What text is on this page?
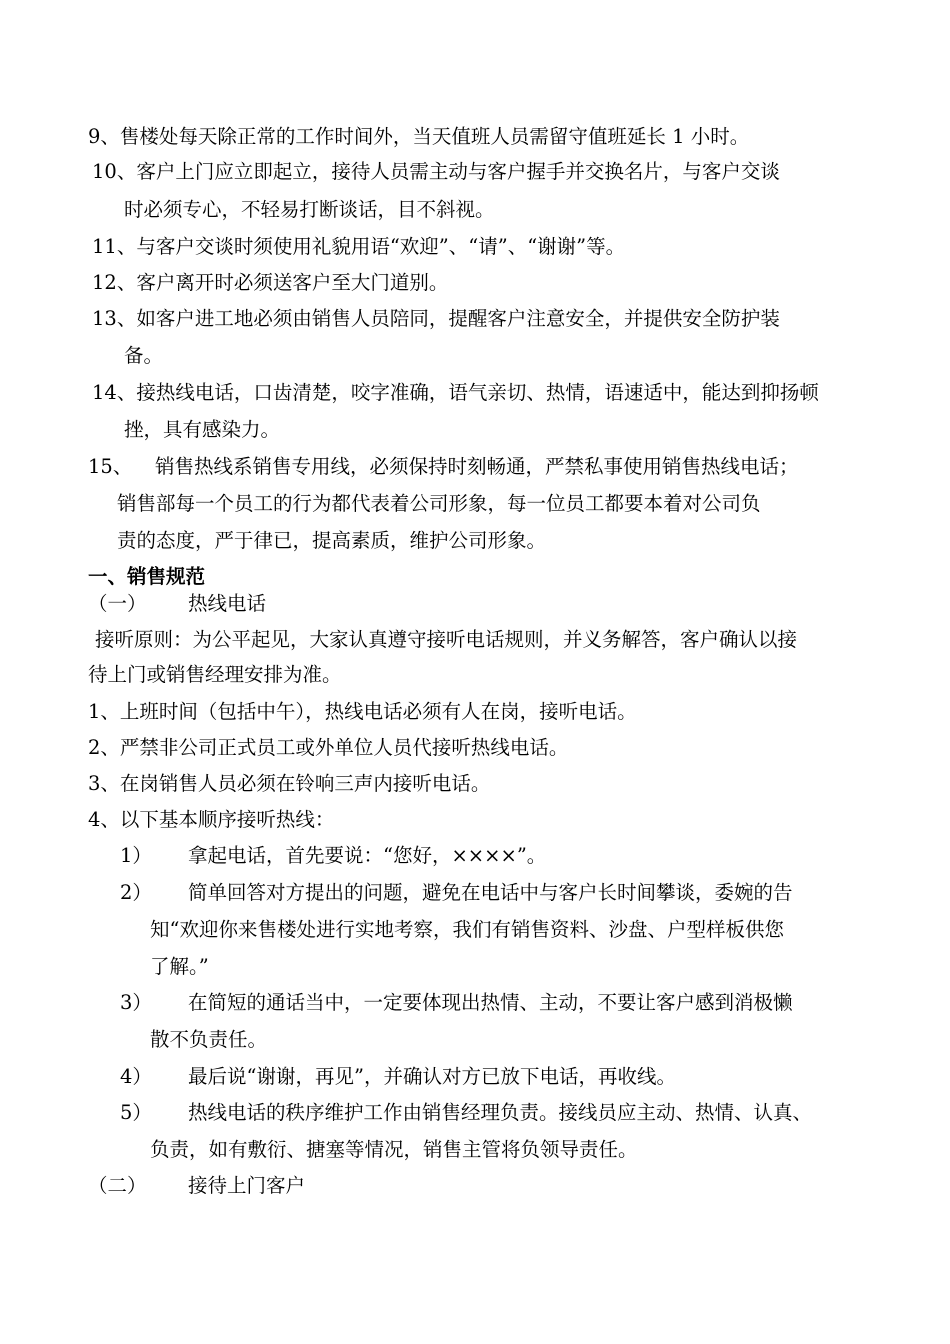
9、售楼处每天除正常的工作时间外，当天值班人员需留守值班延长 1 小时。
10、客户上门应立即起立，接待人员需主动与客户握手并交换名片，与客户交谈
时必须专心，不轻易打断谈话，目不斜视。
11、与客户交谈时须使用礼貌用语“欢迎”、“请”、“谢谢”等。
12、客户离开时必须送客户至大门道别。
13、如客户进工地必须由销售人员陪同，提醒客户注意安全，并提供安全防护装
备。
14、接热线电话，口齿清楚，咬字准确，语气亲切、热情，语速适中，能达到抑扬顿
挫，具有感染力。
15、 销售热线系销售专用线，必须保持时刻畅通，严禁私事使用销售热线电话；
销售部每一个员工的行为都代表着公司形象，每一位员工都要本着对公司负
责的态度，严于律已，提高素质，维护公司形象。
一、销售规范
（一） 热线电话
接听原则：为公平起见，大家认真遵守接听电话规则，并义务解答，客户确认以接
待上门或销售经理安排为准。
1、上班时间（包括中午），热线电话必须有人在岗，接听电话。
2、严禁非公司正式员工或外单位人员代接听热线电话。
3、在岗销售人员必须在铃响三声内接听电话。
4、以下基本顺序接听热线：
1） 拿起电话，首先要说：“您好，××××”。
2） 简单回答对方提出的问题，避免在电话中与客户长时间攀谈，委婉的告
知“欢迎你来售楼处进行实地考察，我们有销售资料、沙盘、户型样板供您
了解。”
3） 在简短的通话当中，一定要体现出热情、主动，不要让客户感到消极懒
散不负责任。
4） 最后说“谢谢，再见”，并确认对方已放下电话，再收线。
5） 热线电话的秩序维护工作由销售经理负责。接线员应主动、热情、认真、
负责，如有敷衍、搪塞等情况，销售主管将负领导责任。
（二） 接待上门客户
